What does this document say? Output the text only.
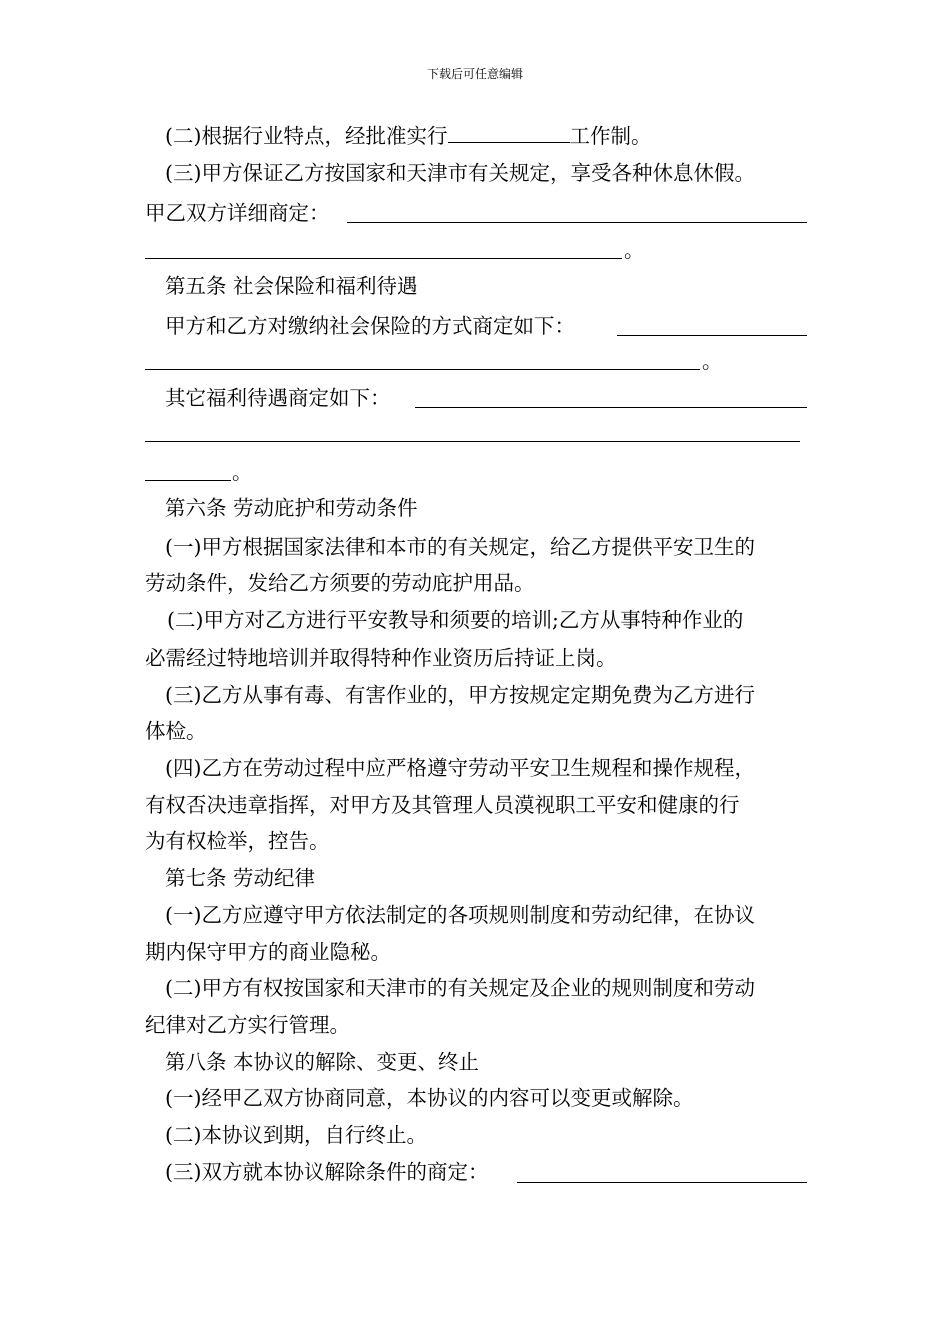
下载后可任意编辑
(二)根据行业特点，经批准实行	工作制。
(三)甲方保证乙方按国家和天津市有关规定，享受各种休息休假。
甲乙双方详细商定：
。
第五条 社会保险和福利待遇
甲方和乙方对缴纳社会保险的方式商定如下：
。
其它福利待遇商定如下：
。
第六条 劳动庇护和劳动条件
(一)甲方根据国家法律和本市的有关规定，给乙方提供平安卫生的
劳动条件，发给乙方须要的劳动庇护用品。
(二)甲方对乙方进行平安教导和须要的培训;乙方从事特种作业的
必需经过特地培训并取得特种作业资历后持证上岗。
(三)乙方从事有毒、有害作业的，甲方按规定定期免费为乙方进行
体检。
(四)乙方在劳动过程中应严格遵守劳动平安卫生规程和操作规程，
有权否决违章指挥，对甲方及其管理人员漠视职工平安和健康的行
为有权检举，控告。
第七条 劳动纪律
(一)乙方应遵守甲方依法制定的各项规则制度和劳动纪律，在协议
期内保守甲方的商业隐秘。
(二)甲方有权按国家和天津市的有关规定及企业的规则制度和劳动
纪律对乙方实行管理。
第八条 本协议的解除、变更、终止
(一)经甲乙双方协商同意，本协议的内容可以变更或解除。
(二)本协议到期，自行终止。
(三)双方就本协议解除条件的商定：
